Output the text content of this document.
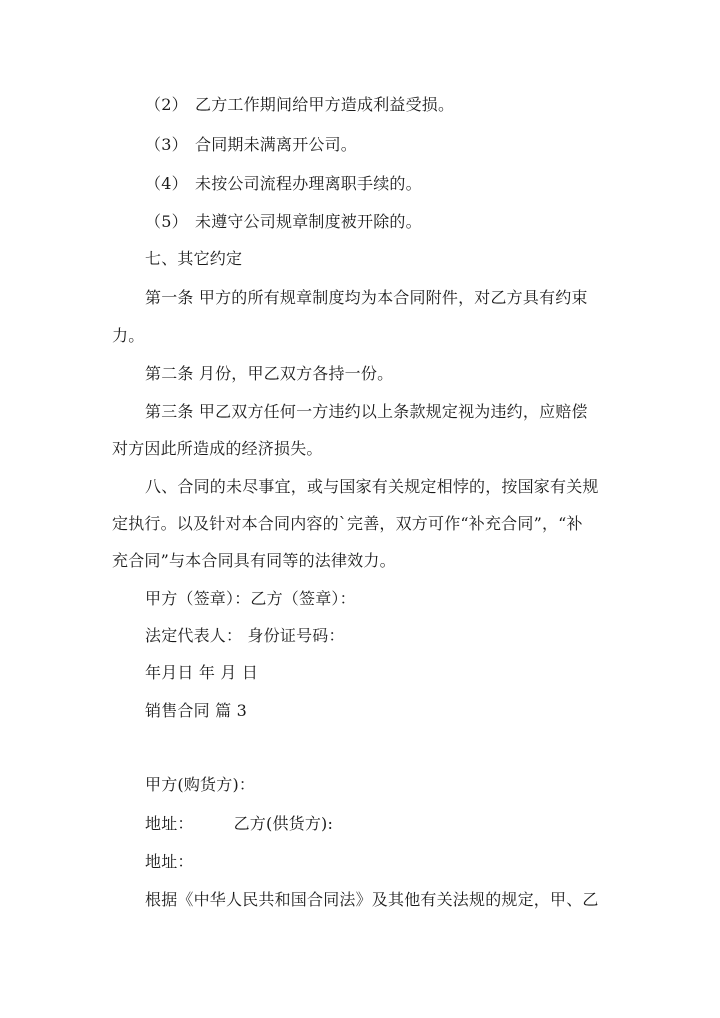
（2） 乙方工作期间给甲方造成利益受损。
（3） 合同期未满离开公司。
（4） 未按公司流程办理离职手续的。
（5） 未遵守公司规章制度被开除的。
七、其它约定
第一条 甲方的所有规章制度均为本合同附件，对乙方具有约束
力。
第二条 月份，甲乙双方各持一份。
第三条 甲乙双方任何一方违约以上条款规定视为违约，应赔偿
对方因此所造成的经济损失。
八、合同的未尽事宜，或与国家有关规定相悖的，按国家有关规
定执行。以及针对本合同内容的`完善，双方可作“补充合同”，“补
充合同”与本合同具有同等的法律效力。
甲方（签章）：乙方（签章）：
法定代表人： 身份证号码：
年月日 年 月 日
销售合同 篇 3
甲方(购货方)：
地址：	乙方(供货方):
地址：
根据《中华人民共和国合同法》及其他有关法规的规定，甲、乙
